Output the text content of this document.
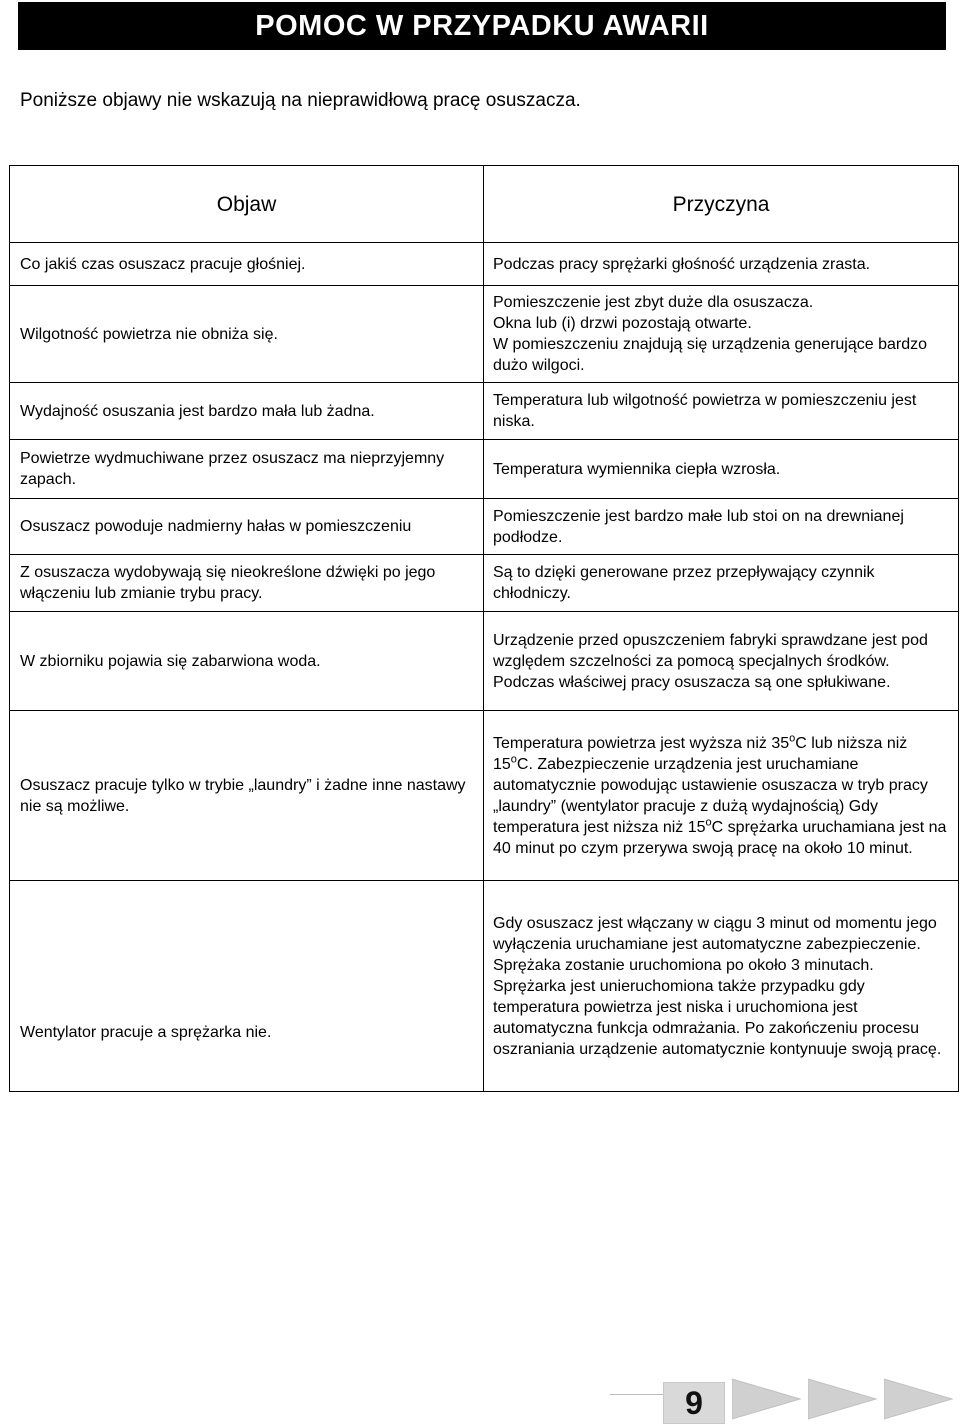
POMOC W PRZYPADKU AWARII
Poniższe objawy nie wskazują na nieprawidłową pracę osuszacza.
Objaw	Przyczyna

Co jakiś czas osuszacz pracuje głośniej.	Podczas pracy sprężarki głośność urządzenia zrasta.

Wilgotność powietrza nie obniża się.	Pomieszczenie jest zbyt duże dla osuszacza.
Okna lub (i) drzwi pozostają otwarte.
W pomieszczeniu znajdują się urządzenia generujące bardzo dużo wilgoci.

Wydajność osuszania jest bardzo mała lub żadna.	Temperatura lub wilgotność powietrza w pomieszczeniu jest niska.

Powietrze wydmuchiwane przez osuszacz ma nieprzyjemny zapach.	Temperatura wymiennika ciepła wzrosła.

Osuszacz powoduje nadmierny hałas w pomieszczeniu	Pomieszczenie jest bardzo małe lub stoi on na drewnianej podłodze.

Z osuszacza wydobywają się nieokreślone dźwięki po jego włączeniu lub zmianie trybu pracy.	Są to dzięki generowane przez przepływający czynnik chłodniczy.

W zbiorniku pojawia się zabarwiona woda.	Urządzenie przed opuszczeniem fabryki sprawdzane jest pod względem szczelności za pomocą specjalnych środków. Podczas właściwej pracy osuszacza są one spłukiwane.

Osuszacz pracuje tylko w trybie „laundry” i żadne inne nastawy nie są możliwe.	Temperatura powietrza jest wyższa niż 35$^o$C lub niższa niż 15$^o$C. Zabezpieczenie urządzenia jest uruchamiane automatycznie powodując ustawienie osuszacza w tryb pracy „laundry” (wentylator pracuje z dużą wydajnością) Gdy temperatura jest niższa niż 15$^o$C sprężarka uruchamiana jest na 40 minut po czym przerywa swoją pracę na około 10 minut.

Wentylator pracuje a sprężarka nie.	Gdy osuszacz jest włączany w ciągu 3 minut od momentu jego wyłączenia uruchamiane jest automatyczne zabezpieczenie. Sprężaka zostanie uruchomiona po około 3 minutach.
Sprężarka jest unieruchomiona także przypadku gdy temperatura powietrza jest niska i uruchomiona jest automatyczna funkcja odmrażania. Po zakończeniu procesu oszraniania urządzenie automatycznie kontynuuje swoją pracę.
9
